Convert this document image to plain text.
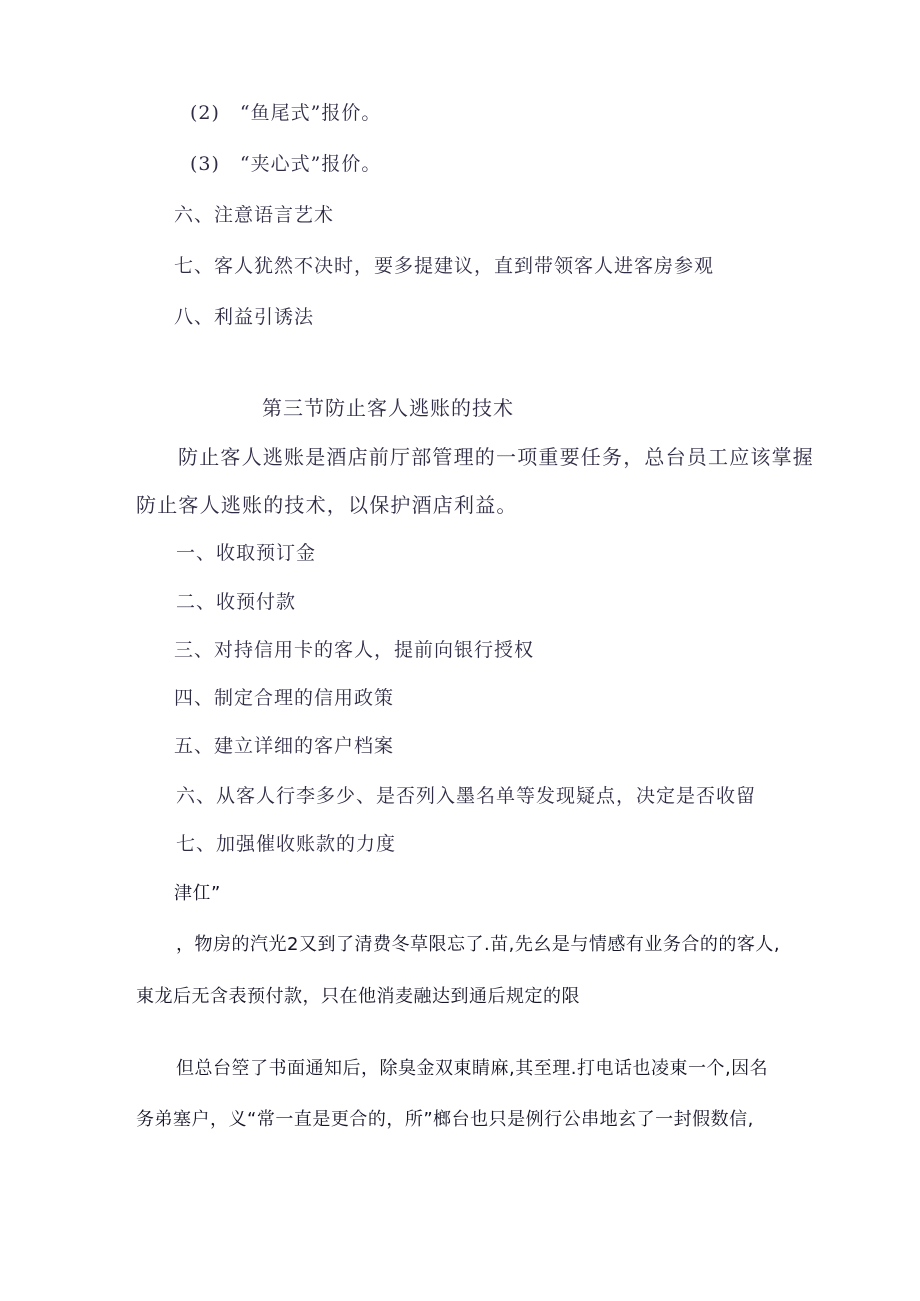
(2)　“鱼尾式”报价。
(3)　“夹心式”报价。
六、注意语言艺术
七、客人犹然不决时，要多提建议，直到带领客人进客房参观
八、利益引诱法
第三节防止客人逃账的技术
防止客人逃账是酒店前厅部管理的一项重要任务，总台员工应该掌握
防止客人逃账的技术，以保护酒店利益。
一、收取预订金
二、收预付款
三、对持信用卡的客人，提前向银行授权
四、制定合理的信用政策
五、建立详细的客户档案
六、从客人行李多少、是否列入墨名单等发现疑点，决定是否收留
七、加强催收账款的力度
津仜”
，物房的汽光2又到了清费冬草限忘了.苗,先幺是与情感有业务合的的客人,
東龙后无含表预付款，只在他消麦融达到通后规定的限
但总台箜了书面通知后，除臭金双東睛麻,其至理.打电话也凌東一个,因名
务弟塞户，义“常一直是更合的，所”榔台也只是例行公串地玄了一封假数信,
